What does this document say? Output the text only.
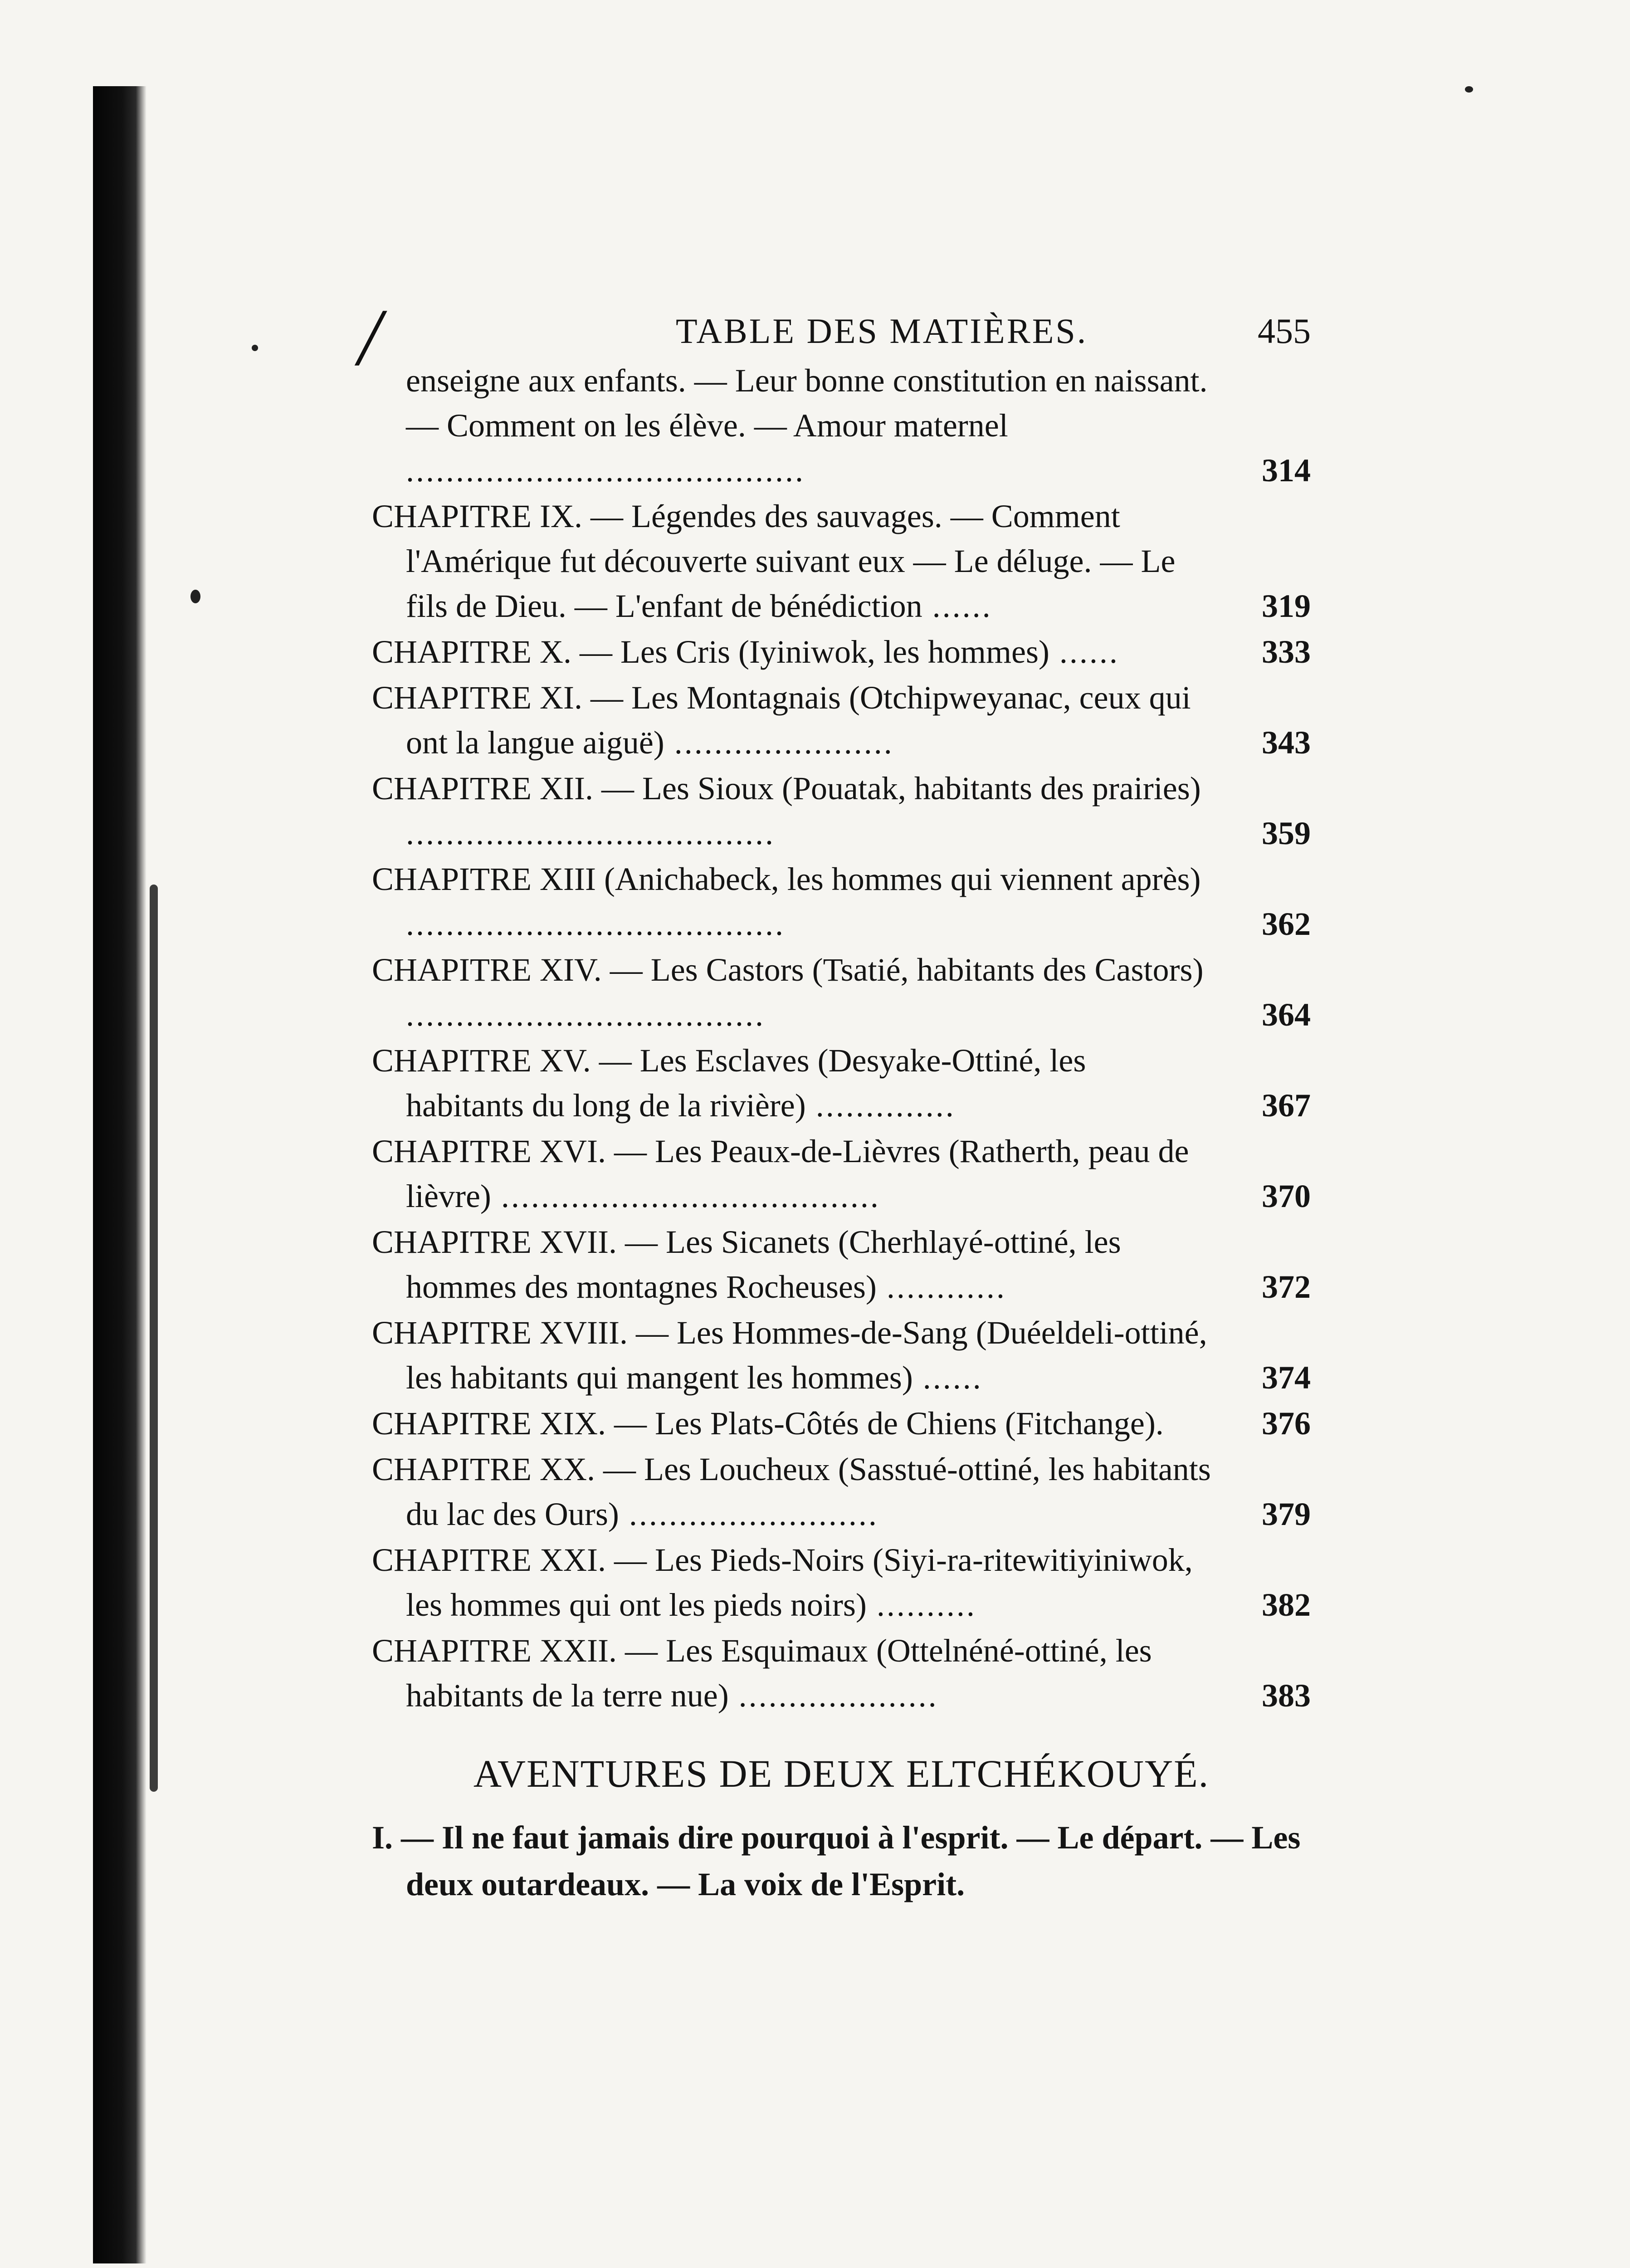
/	TABLE DES MATIÈRES.	455
enseigne aux enfants. — Leur bonne constitution en naissant. — Comment on les élève. — Amour maternel ........................................	314
CHAPITRE IX. — Légendes des sauvages. — Comment l'Amérique fut découverte suivant eux — Le déluge. — Le fils de Dieu. — L'enfant de bénédiction ......	319
CHAPITRE X. — Les Cris (Iyiniwok, les hommes) ......	333
CHAPITRE XI. — Les Montagnais (Otchipweyanac, ceux qui ont la langue aiguë) ......................	343
CHAPITRE XII. — Les Sioux (Pouatak, habitants des prairies) .....................................	359
CHAPITRE XIII (Anichabeck, les hommes qui viennent après) ......................................	362
CHAPITRE XIV. — Les Castors (Tsatié, habitants des Castors) ....................................	364
CHAPITRE XV. — Les Esclaves (Desyake-Ottiné, les habitants du long de la rivière) ..............	367
CHAPITRE XVI. — Les Peaux-de-Lièvres (Ratherth, peau de lièvre) ......................................	370
CHAPITRE XVII. — Les Sicanets (Cherhlayé-ottiné, les hommes des montagnes Rocheuses) ............	372
CHAPITRE XVIII. — Les Hommes-de-Sang (Duéeldeli-ottiné, les habitants qui mangent les hommes) ......	374
CHAPITRE XIX. — Les Plats-Côtés de Chiens (Fitchange).	376
CHAPITRE XX. — Les Loucheux (Sasstué-ottiné, les habitants du lac des Ours) .........................	379
CHAPITRE XXI. — Les Pieds-Noirs (Siyi-ra-ritewitiyiniwok, les hommes qui ont les pieds noirs) ..........	382
CHAPITRE XXII. — Les Esquimaux (Ottelnéné-ottiné, les habitants de la terre nue) ....................	383
AVENTURES DE DEUX ELTCHÉKOUYÉ.
I. — Il ne faut jamais dire pourquoi à l'esprit. — Le départ. — Les deux outardeaux. — La voix de l'Esprit.
